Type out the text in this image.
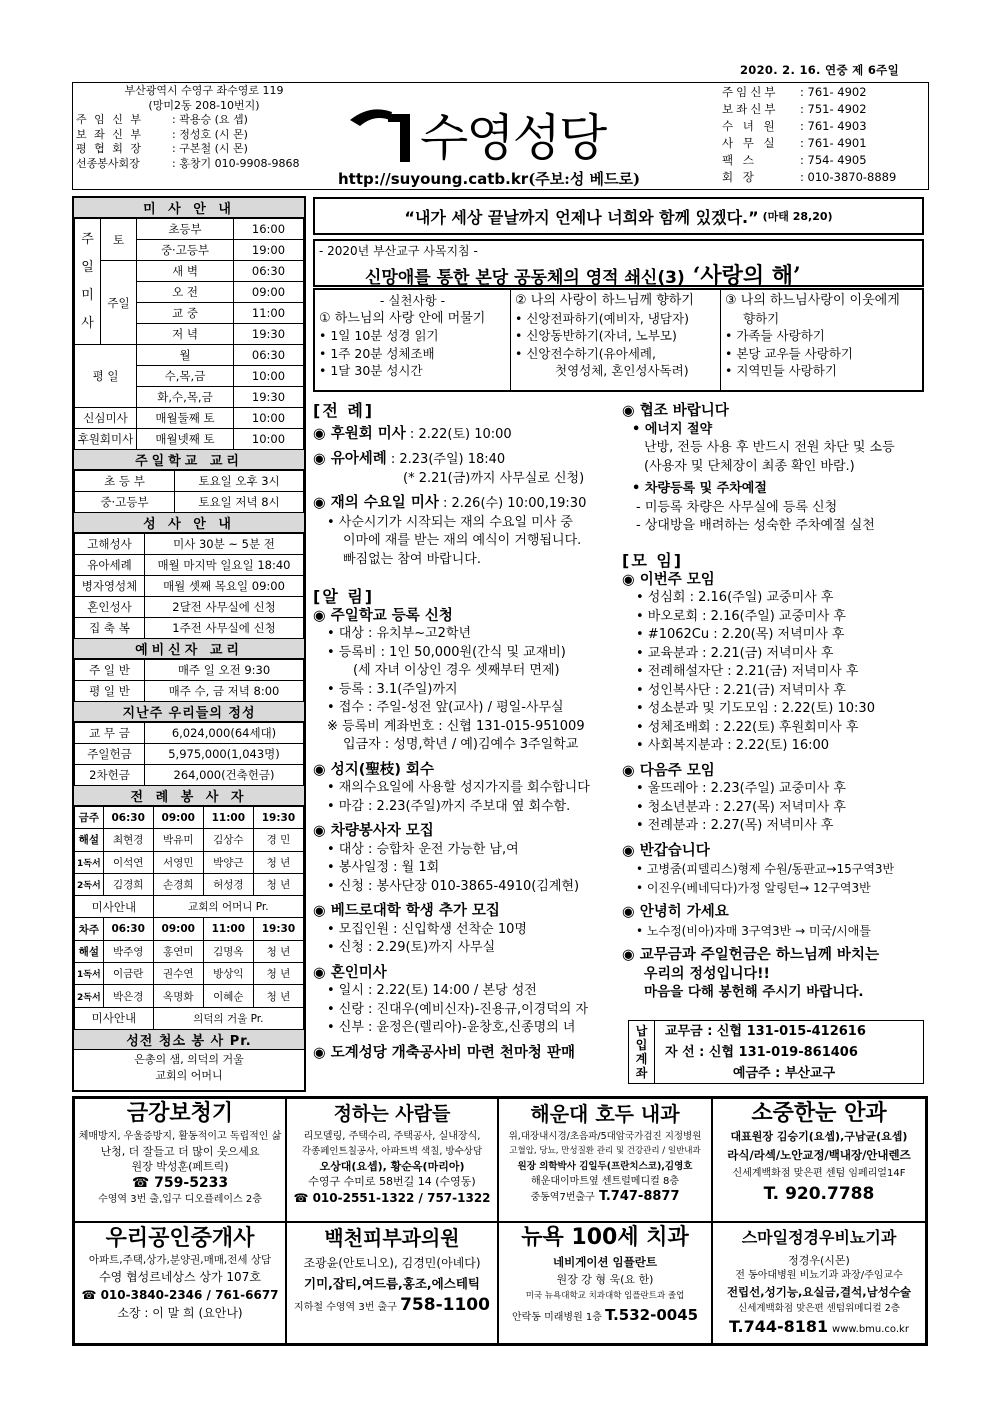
2020. 2. 16. 연중 제 6주일
부산광역시 수영구 좌수영로 119
(망미2동 208-10번지)
주 임 신 부	: 곽용승 (요 셉)
보 좌 신 부	: 정성호 (시 몬)
평 협 회 장	: 구본철 (시 몬)
선종봉사회장	: 홍창기 010-9908-9868 수영성당
http://suyoung.catb.kr(주보:성 베드로)
주임신부	: 761- 4902
보좌신부	: 751- 4902
수 녀 원	: 761- 4903
사 무 실	: 761- 4901
팩 스	: 754- 4905
회 장	: 010-3870-8889
미 사 안 내
주일미사	토	초등부	16:00
		중·고등부	19:00
	주일	새 벽	06:30
		오 전	09:00
		교 중	11:00
		저 녁	19:30
평 일		월	06:30
		수,목,금	10:00
		화,수,목,금	19:30
신심미사		매월둘째 토	10:00
후원회미사		매월넷째 토	10:00
주일학교 교리
초 등 부	토요일 오후 3시
중·고등부	토요일 저녁 8시
성 사 안 내
고해성사	미사 30분 ~ 5분 전
유아세례	매월 마지막 일요일 18:40
병자영성체	매월 셋째 목요일 09:00
혼인성사	2달전 사무실에 신청
집 축 복	1주전 사무실에 신청
예비신자 교리
주 일 반	매주 일 오전 9:30
평 일 반	매주 수, 금 저녁 8:00
지난주 우리들의 정성
교 무 금	6,024,000(64세대)
주일헌금	5,975,000(1,043명)
2차헌금	264,000(건축헌금)
전 례 봉 사 자
금주	06:30	09:00	11:00	19:30
해설	최현경	박유미	김상수	경 민
1독서	이석연	서영민	박양근	청 년
2독서	김경희	손경희	허성경	청 년
미사안내		교회의 어머니 Pr.		
차주	06:30	09:00	11:00	19:30
해설	박주영	홍연미	김명옥	청 년
1독서	이금란	권수연	방상익	청 년
2독서	박은경	옥명화	이혜순	청 년
미사안내		의덕의 거울 Pr.		
성전 청소 봉 사 Pr.
은총의 샘, 의덕의 거울
교회의 어머니
“내가 세상 끝날까지 언제나 너희와 함께 있겠다.” (마태 28,20)
- 2020년 부산교구 사목지침 -
신망애를 통한 본당 공동체의 영적 쇄신(3) ‘사랑의 해’
- 실천사항 -
① 하느님의 사랑 안에 머물기
• 1일 10분 성경 읽기
• 1주 20분 성체조배
• 1달 30분 성시간
② 나의 사랑이 하느님께 향하기
• 신앙전파하기(예비자, 냉담자)
• 신앙동반하기(자녀, 노부모)
• 신앙전수하기(유아세례,
첫영성체, 혼인성사독려)
③ 나의 하느님사랑이 이웃에게
향하기
• 가족들 사랑하기
• 본당 교우들 사랑하기
• 지역민들 사랑하기
[전 례]
◉ 후원회 미사 : 2.22(토) 10:00
◉ 유아세례 : 2.23(주일) 18:40
(* 2.21(금)까지 사무실로 신청)
◉ 재의 수요일 미사 : 2.26(수) 10:00,19:30
• 사순시기가 시작되는 재의 수요일 미사 중
이마에 재를 받는 재의 예식이 거행됩니다.
빠짐없는 참여 바랍니다.
[알 림]
◉ 주일학교 등록 신청
• 대상 : 유치부~고2학년
• 등록비 : 1인 50,000원(간식 및 교재비)
(세 자녀 이상인 경우 셋째부터 면제)
• 등록 : 3.1(주일)까지
• 접수 : 주일-성전 앞(교사) / 평일-사무실
※ 등록비 계좌번호 : 신협 131-015-951009
입금자 : 성명,학년 / 예)김예수 3주일학교
◉ 성지(聖枝) 회수
• 재의수요일에 사용할 성지가지를 회수합니다
• 마감 : 2.23(주일)까지 주보대 옆 회수함.
◉ 차량봉사자 모집
• 대상 : 승합차 운전 가능한 남,여
• 봉사일정 : 월 1회
• 신청 : 봉사단장 010-3865-4910(김계현)
◉ 베드로대학 학생 추가 모집
• 모집인원 : 신입학생 선착순 10명
• 신청 : 2.29(토)까지 사무실
◉ 혼인미사
• 일시 : 2.22(토) 14:00 / 본당 성전
• 신랑 : 진대우(예비신자)-진용규,이경덕의 자
• 신부 : 윤정은(렐리아)-윤창호,신종명의 녀
◉ 도계성당 개축공사비 마련 천마청 판매
◉ 협조 바랍니다
• 에너지 절약
난방, 전등 사용 후 반드시 전원 차단 및 소등
(사용자 및 단체장이 최종 확인 바람.)
• 차량등록 및 주차예절
- 미등록 차량은 사무실에 등록 신청
- 상대방을 배려하는 성숙한 주차예절 실천
[모 임]
◉ 이번주 모임
• 성심회 : 2.16(주일) 교중미사 후
• 바오로회 : 2.16(주일) 교중미사 후
• #1062Cu : 2.20(목) 저녁미사 후
• 교육분과 : 2.21(금) 저녁미사 후
• 전례해설자단 : 2.21(금) 저녁미사 후
• 성인복사단 : 2.21(금) 저녁미사 후
• 성소분과 및 기도모임 : 2.22(토) 10:30
• 성체조배회 : 2.22(토) 후원회미사 후
• 사회복지분과 : 2.22(토) 16:00
◉ 다음주 모임
• 울뜨레아 : 2.23(주일) 교중미사 후
• 청소년분과 : 2.27(목) 저녁미사 후
• 전례분과 : 2.27(목) 저녁미사 후
◉ 반갑습니다
• 고병줌(피델리스)형제 수원/동판교→15구역3반
• 이진우(베네딕다)가정 알링턴→ 12구역3반
◉ 안녕히 가세요
• 노수정(비아)자매 3구역3반 → 미국/시애틀
◉ 교무금과 주일헌금은 하느님께 바치는
우리의 정성입니다!!
마음을 다해 봉헌해 주시기 바랍니다.
납
입
계
좌
교무금 : 신협 131-015-412616
자 선 : 신협 131-019-861406
예금주 : 부산교구
금강보청기
체매방지, 우울증방지, 활동적이고 독립적인 삶
난청, 더 잘들고 더 많이 웃으세요
원장 박성훈(페트릭)
☎ 759-5233
수영역 3번 출,입구 디오플레이스 2층
정하는 사람들
리모델링, 주택수리, 주택공사, 실내장식,
각종페인트칠공사, 아파트벽 색칠, 방수상담
오상대(요셉), 황순옥(마리아)
수영구 수미로 58번길 14 (수영동)
☎ 010-2551-1322 / 757-1322
해운대 호두 내과
위,대장내시경/초음파/5대암국가검진 지정병원
고혈압, 당뇨, 만성질환 관리 및 건강관리 / 일반내과
원장 의학박사 김일두(프란치스코),김영호
해운대이마트옆 센트럴메디컬 8층
중동역7번출구 T.747-8877
소중한눈 안과
대표원장 김승기(요셉),구남균(요셉)
라식/라섹/노안교정/백내장/안내렌즈
신세계백화점 맞은편 센텀 임페리얼14F
T. 920.7788
우리공인중개사
아파트,주택,상가,분양권,매매,전세 상담
수영 협성르네상스 상가 107호
☎ 010-3840-2346 / 761-6677
소장 : 이 말 희 (요안나)
백천피부과의원
조광윤(안토니오), 김경민(아녜다)
기미,잡티,여드름,홍조,에스테틱
지하철 수영역 3번 출구 758-1100
뉴욕 100세 치과
네비게이션 임플란트
원장 강 형 욱(요 한)
미국 뉴욕대학교 치과대학 임플란트과 졸업
안락동 미래병원 1층 T.532-0045
스마일정경우비뇨기과
정경우(시몬)
전 동아대병원 비뇨기과 과장/주임교수
전립선,성기능,요실금,결석,남성수술
신세계백화점 맞은편 센텀위메디컬 2층
T.744-8181 www.bmu.co.kr
